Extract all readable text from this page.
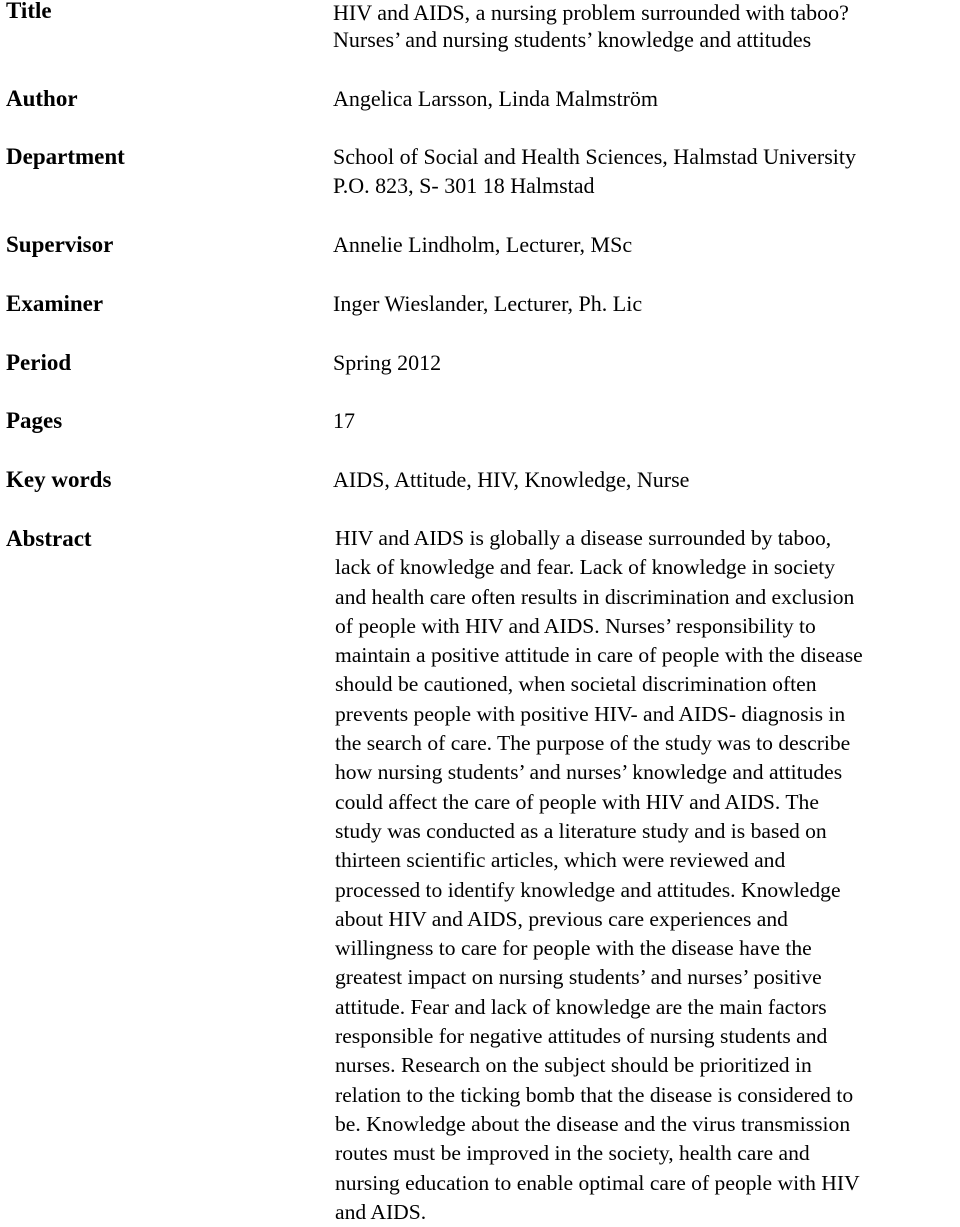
Title	HIV and AIDS, a nursing problem surrounded with taboo?
Nurses’ and nursing students’ knowledge and attitudes
Author	Angelica Larsson, Linda Malmström
Department	School of Social and Health Sciences, Halmstad University
P.O. 823, S- 301 18 Halmstad
Supervisor	Annelie Lindholm, Lecturer, MSc
Examiner	Inger Wieslander, Lecturer, Ph. Lic
Period	Spring 2012
Pages	17
Key words	AIDS, Attitude, HIV, Knowledge, Nurse
Abstract	HIV and AIDS is globally a disease surrounded by taboo,
lack of knowledge and fear. Lack of knowledge in society
and health care often results in discrimination and exclusion
of people with HIV and AIDS. Nurses’ responsibility to
maintain a positive attitude in care of people with the disease
should be cautioned, when societal discrimination often
prevents people with positive HIV- and AIDS- diagnosis in
the search of care. The purpose of the study was to describe
how nursing students’ and nurses’ knowledge and attitudes
could affect the care of people with HIV and AIDS. The
study was conducted as a literature study and is based on
thirteen scientific articles, which were reviewed and
processed to identify knowledge and attitudes. Knowledge
about HIV and AIDS, previous care experiences and
willingness to care for people with the disease have the
greatest impact on nursing students’ and nurses’ positive
attitude. Fear and lack of knowledge are the main factors
responsible for negative attitudes of nursing students and
nurses. Research on the subject should be prioritized in
relation to the ticking bomb that the disease is considered to
be. Knowledge about the disease and the virus transmission
routes must be improved in the society, health care and
nursing education to enable optimal care of people with HIV
and AIDS.
